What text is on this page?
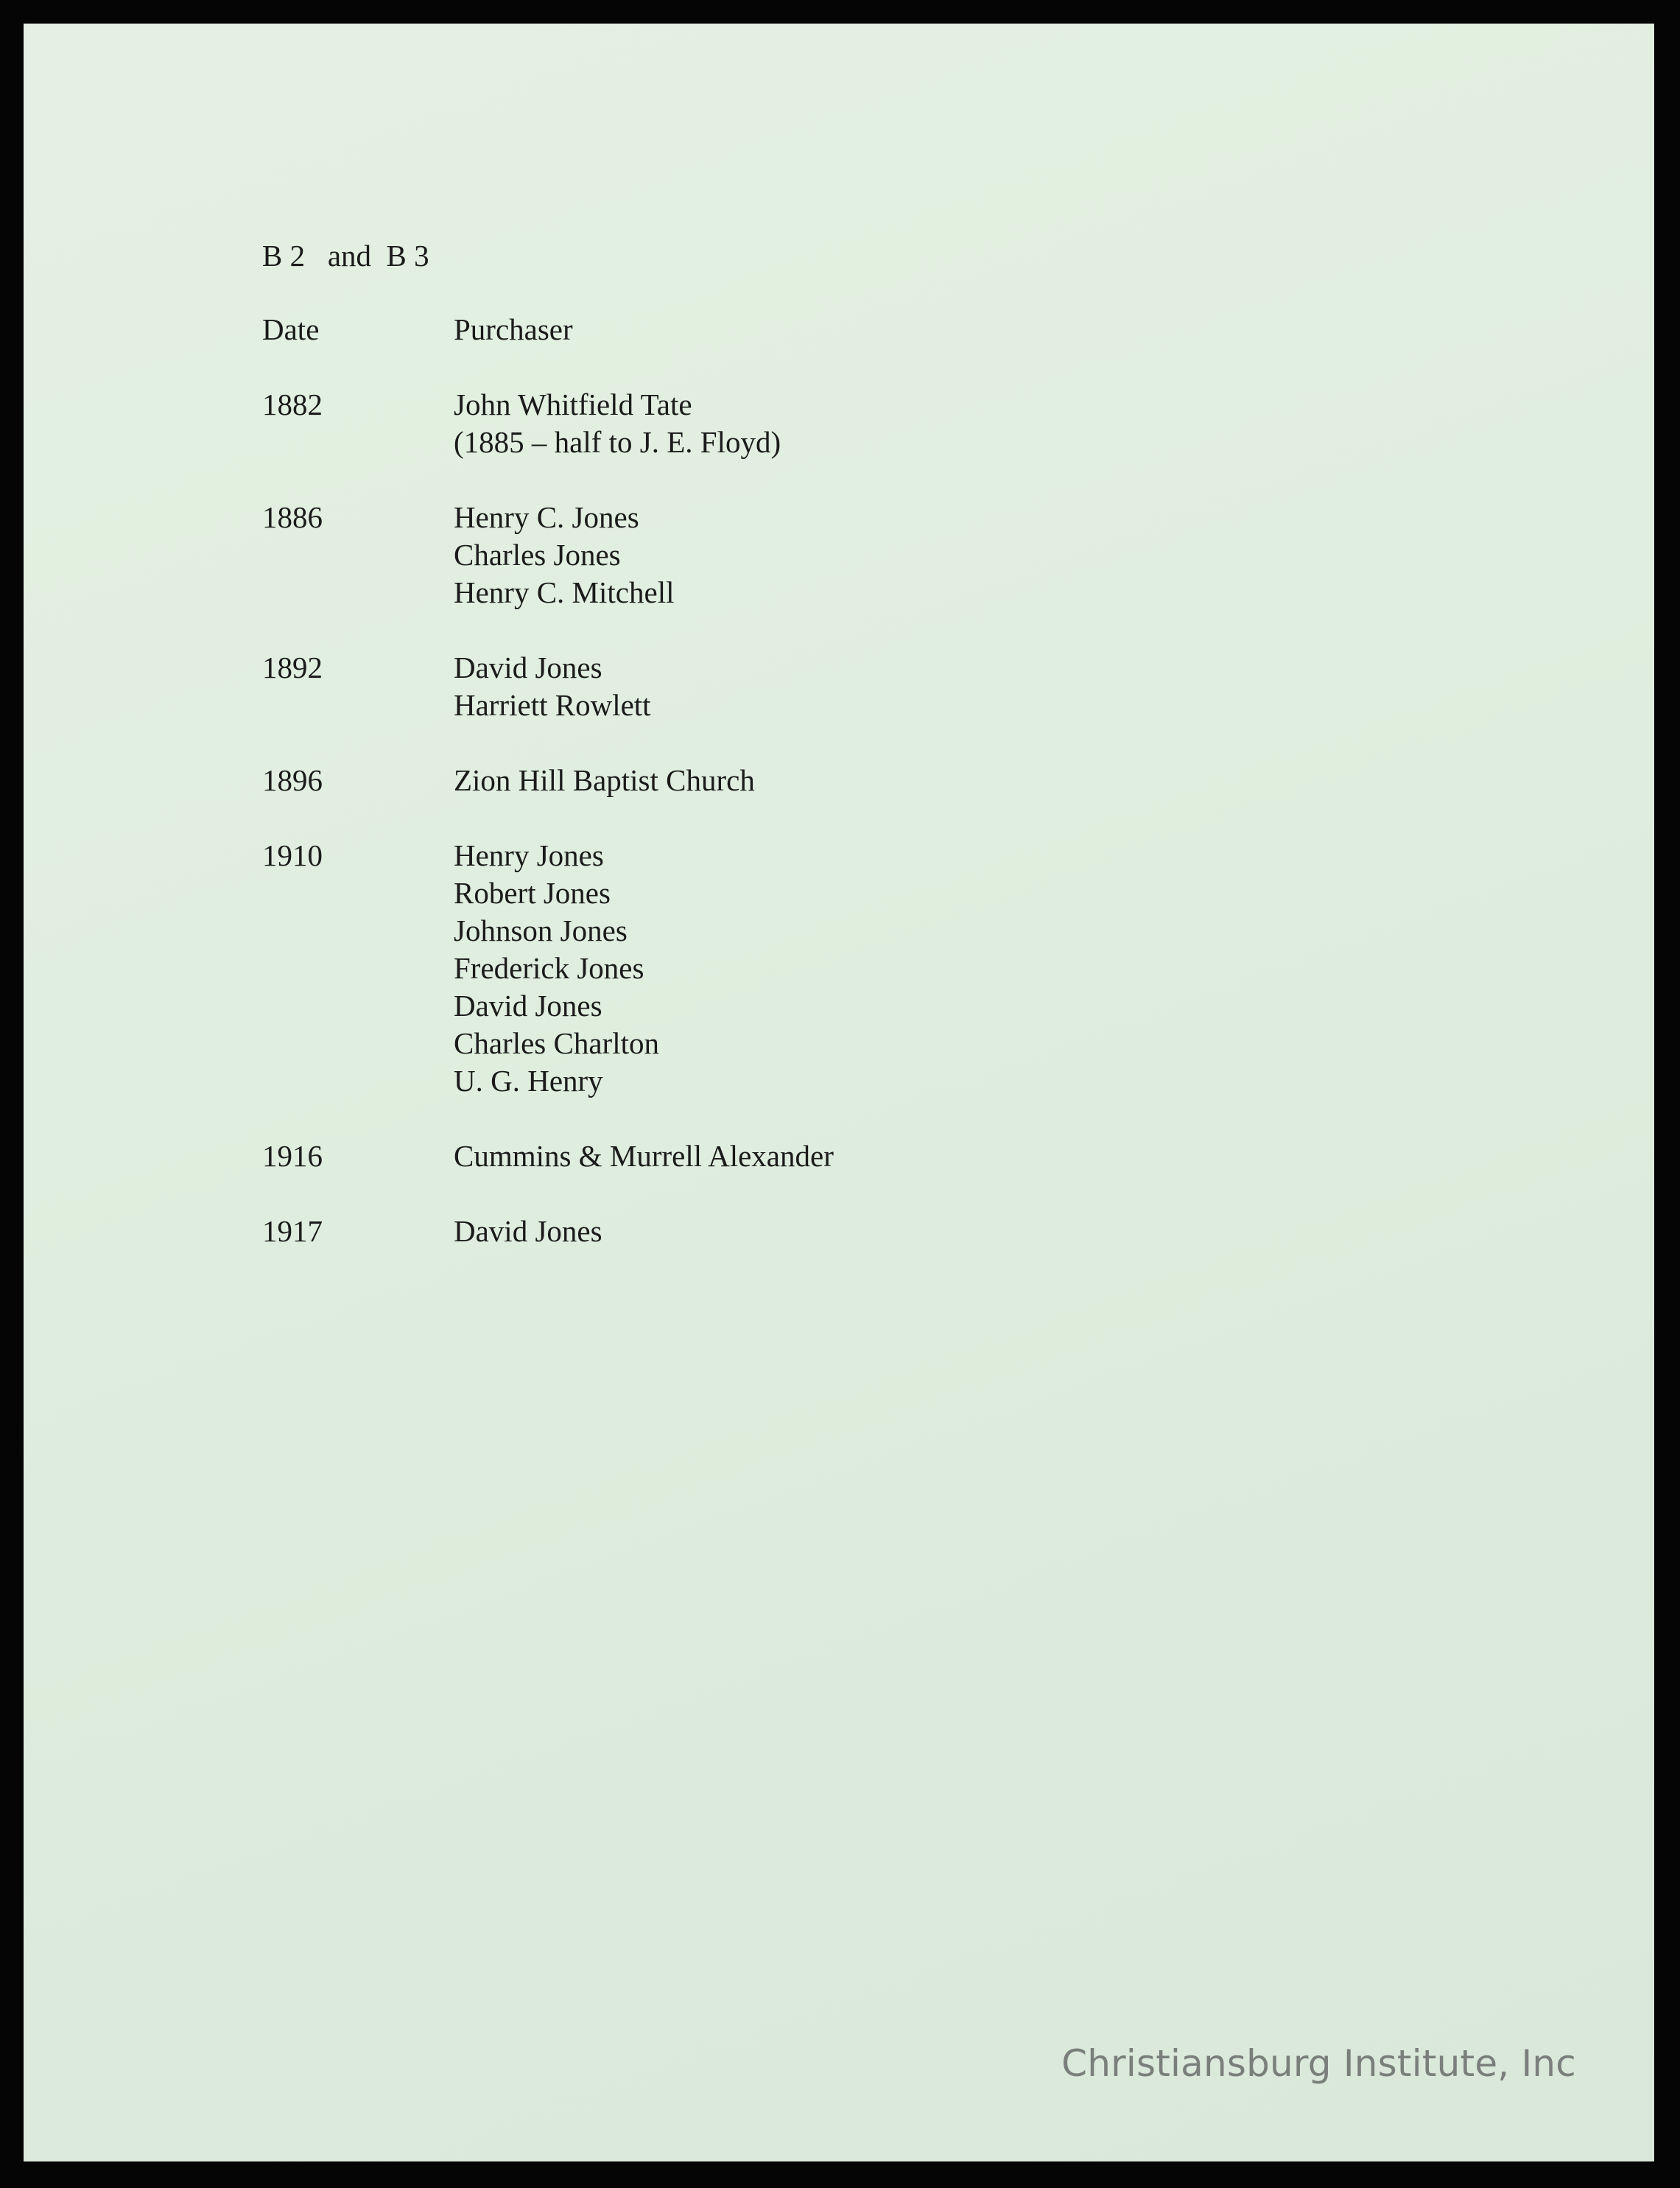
B 2   and  B 3
Date	Purchaser
1882	John Whitfield Tate
(1885 – half to J. E. Floyd)
1886	Henry C. Jones
Charles Jones
Henry C. Mitchell
1892	David Jones
Harriett Rowlett
1896	Zion Hill Baptist Church
1910	Henry Jones
Robert Jones
Johnson Jones
Frederick Jones
David Jones
Charles Charlton
U. G. Henry
1916	Cummins & Murrell Alexander
1917	David Jones
Christiansburg Institute, Inc
